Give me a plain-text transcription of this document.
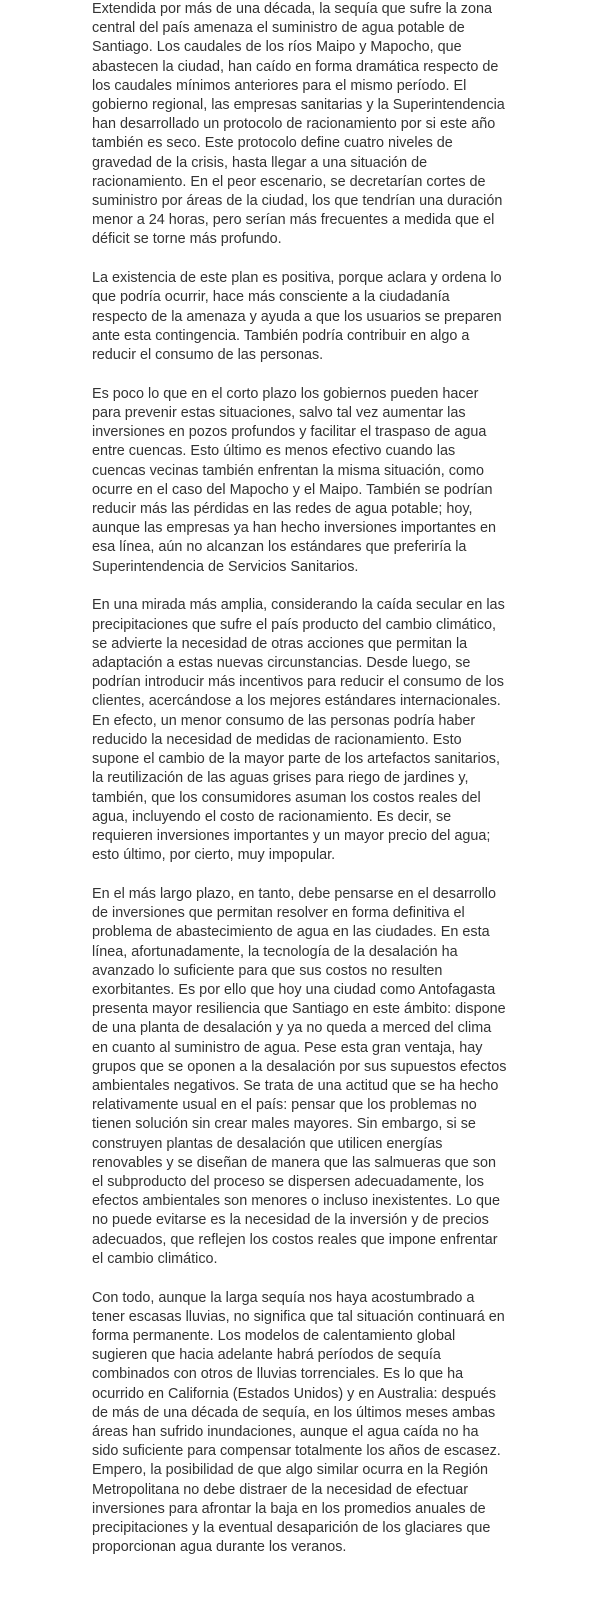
Extendida por más de una década, la sequía que sufre la zona central del país amenaza el suministro de agua potable de Santiago. Los caudales de los ríos Maipo y Mapocho, que abastecen la ciudad, han caído en forma dramática respecto de los caudales mínimos anteriores para el mismo período. El gobierno regional, las empresas sanitarias y la Superintendencia han desarrollado un protocolo de racionamiento por si este año también es seco. Este protocolo define cuatro niveles de gravedad de la crisis, hasta llegar a una situación de racionamiento. En el peor escenario, se decretarían cortes de suministro por áreas de la ciudad, los que tendrían una duración menor a 24 horas, pero serían más frecuentes a medida que el déficit se torne más profundo.

La existencia de este plan es positiva, porque aclara y ordena lo que podría ocurrir, hace más consciente a la ciudadanía respecto de la amenaza y ayuda a que los usuarios se preparen ante esta contingencia. También podría contribuir en algo a reducir el consumo de las personas.

Es poco lo que en el corto plazo los gobiernos pueden hacer para prevenir estas situaciones, salvo tal vez aumentar las inversiones en pozos profundos y facilitar el traspaso de agua entre cuencas. Esto último es menos efectivo cuando las cuencas vecinas también enfrentan la misma situación, como ocurre en el caso del Mapocho y el Maipo. También se podrían reducir más las pérdidas en las redes de agua potable; hoy, aunque las empresas ya han hecho inversiones importantes en esa línea, aún no alcanzan los estándares que preferiría la Superintendencia de Servicios Sanitarios.

En una mirada más amplia, considerando la caída secular en las precipitaciones que sufre el país producto del cambio climático, se advierte la necesidad de otras acciones que permitan la adaptación a estas nuevas circunstancias. Desde luego, se podrían introducir más incentivos para reducir el consumo de los clientes, acercándose a los mejores estándares internacionales. En efecto, un menor consumo de las personas podría haber reducido la necesidad de medidas de racionamiento. Esto supone el cambio de la mayor parte de los artefactos sanitarios, la reutilización de las aguas grises para riego de jardines y, también, que los consumidores asuman los costos reales del agua, incluyendo el costo de racionamiento. Es decir, se requieren inversiones importantes y un mayor precio del agua; esto último, por cierto, muy impopular.

En el más largo plazo, en tanto, debe pensarse en el desarrollo de inversiones que permitan resolver en forma definitiva el problema de abastecimiento de agua en las ciudades. En esta línea, afortunadamente, la tecnología de la desalación ha avanzado lo suficiente para que sus costos no resulten exorbitantes. Es por ello que hoy una ciudad como Antofagasta presenta mayor resiliencia que Santiago en este ámbito: dispone de una planta de desalación y ya no queda a merced del clima en cuanto al suministro de agua. Pese esta gran ventaja, hay grupos que se oponen a la desalación por sus supuestos efectos ambientales negativos. Se trata de una actitud que se ha hecho relativamente usual en el país: pensar que los problemas no tienen solución sin crear males mayores. Sin embargo, si se construyen plantas de desalación que utilicen energías renovables y se diseñan de manera que las salmueras que son el subproducto del proceso se dispersen adecuadamente, los efectos ambientales son menores o incluso inexistentes. Lo que no puede evitarse es la necesidad de la inversión y de precios adecuados, que reflejen los costos reales que impone enfrentar el cambio climático.

Con todo, aunque la larga sequía nos haya acostumbrado a tener escasas lluvias, no significa que tal situación continuará en forma permanente. Los modelos de calentamiento global sugieren que hacia adelante habrá períodos de sequía combinados con otros de lluvias torrenciales. Es lo que ha ocurrido en California (Estados Unidos) y en Australia: después de más de una década de sequía, en los últimos meses ambas áreas han sufrido inundaciones, aunque el agua caída no ha sido suficiente para compensar totalmente los años de escasez. Empero, la posibilidad de que algo similar ocurra en la Región Metropolitana no debe distraer de la necesidad de efectuar inversiones para afrontar la baja en los promedios anuales de precipitaciones y la eventual desaparición de los glaciares que proporcionan agua durante los veranos.
